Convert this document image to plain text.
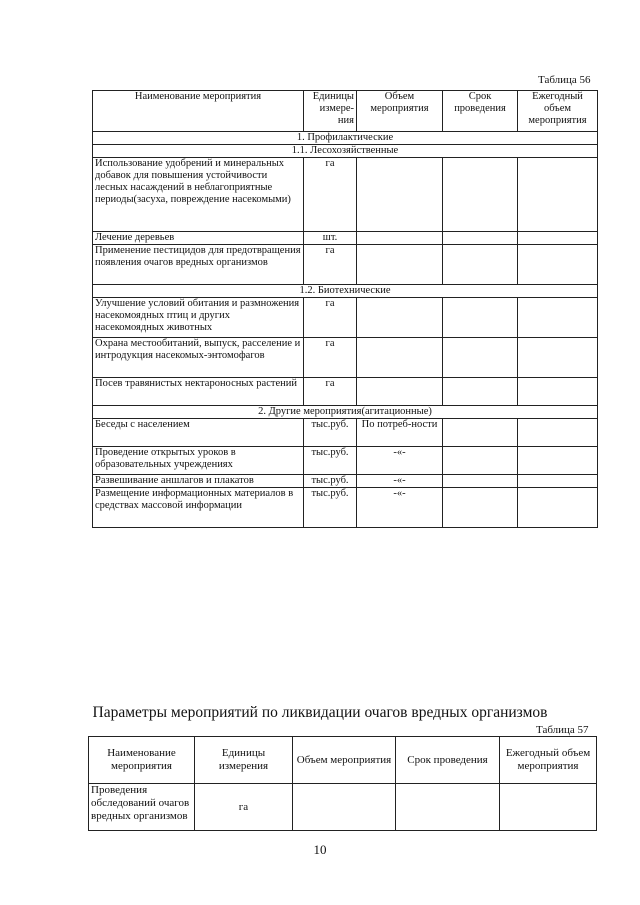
Таблица 56
Наименование мероприятия	Единицы измере-ния	Объем мероприятия	Срок проведения	Ежегодный объем мероприятия
1. Профилактические				
1.1. Лесохозяйственные				
Использование удобрений и минеральных добавок для повышения устойчивости лесных насаждений в неблагоприятные периоды(засуха, повреждение насекомыми)	га			
Лечение деревьев	шт.			
Применение пестицидов для предотвращения появления очагов вредных организмов	га			
1.2. Биотехнические				
Улучшение условий обитания и размножения насекомоядных птиц и других насекомоядных животных	га			
Охрана местообитаний, выпуск, расселение и интродукция насекомых-энтомофагов	га			
Посев травянистых нектароносных растений	га			
2. Другие мероприятия(агитационные)				
Беседы с населением	тыс.руб.	По потреб-ности		
Проведение открытых уроков в образовательных учреждениях	тыс.руб.	-«-		
Развешивание аншлагов и плакатов	тыс.руб.	-«-		
Размещение информационных материалов в средствах массовой информации	тыс.руб.	-«-		
Параметры мероприятий по ликвидации очагов вредных организмов
Таблица 57
Наименование мероприятия	Единицы измерения	Объем мероприятия	Срок проведения	Ежегодный объем мероприятия
Проведения обследований очагов вредных организмов	га			
10
